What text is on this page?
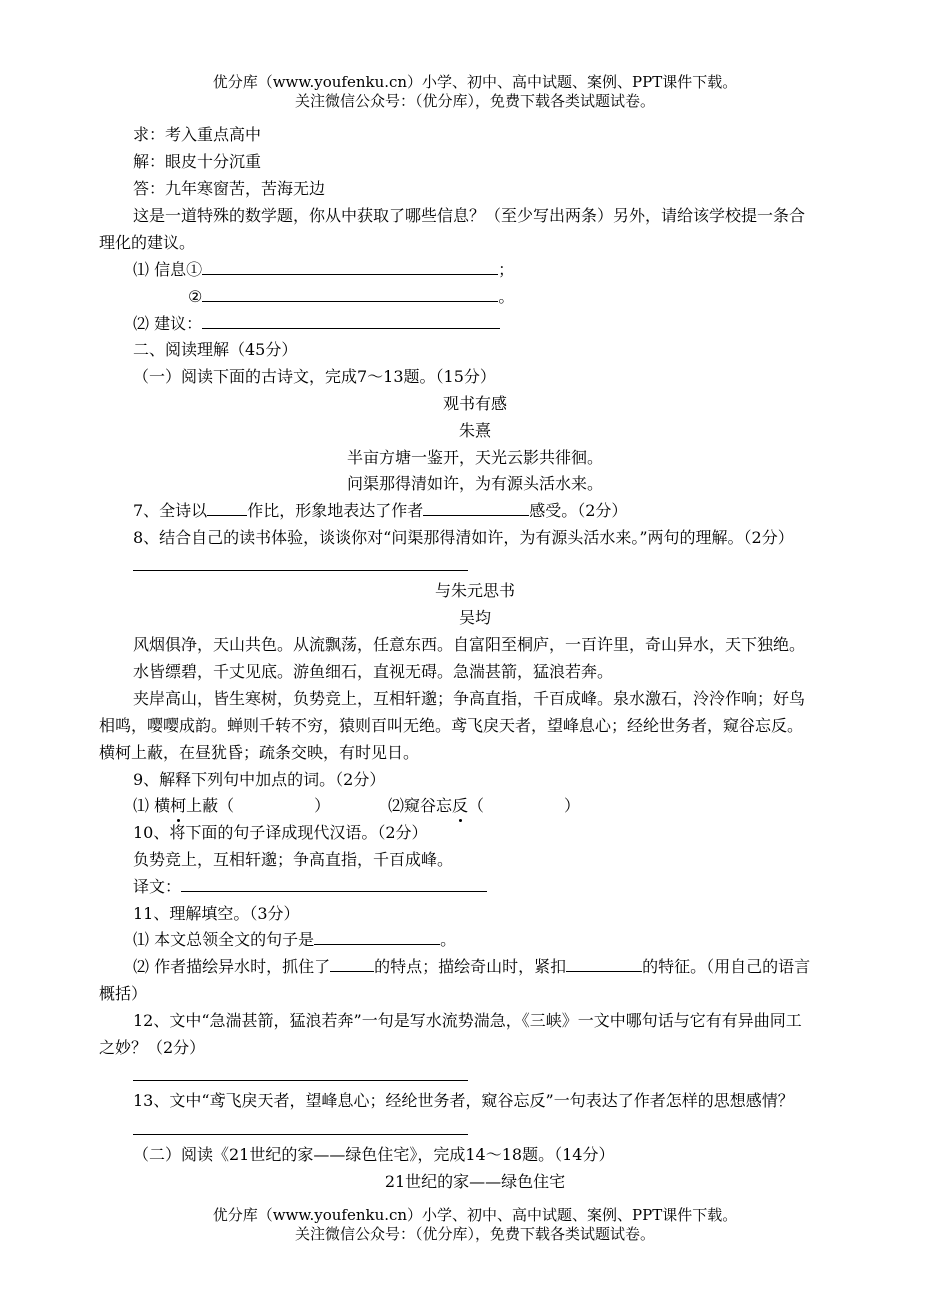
优分库（www.youfenku.cn）小学、初中、高中试题、案例、PPT课件下载。
关注微信公众号：（优分库），免费下载各类试题试卷。
求：考入重点高中
解：眼皮十分沉重
答：九年寒窗苦，苦海无边
这是一道特殊的数学题，你从中获取了哪些信息？（至少写出两条）另外，请给该学校提一条合
理化的建议。
⑴ 信息①	；
②	。
⑵ 建议：
二、阅读理解（45分）
（一）阅读下面的古诗文，完成7～13题。（15分）
观书有感
朱熹
半亩方塘一鉴开，天光云影共徘徊。
问渠那得清如许，为有源头活水来。
7、全诗以	作比，形象地表达了作者	感受。（2分）
8、结合自己的读书体验，谈谈你对“问渠那得清如许，为有源头活水来。”两句的理解。（2分）
与朱元思书
吴均
风烟俱净，天山共色。从流飘荡，任意东西。自富阳至桐庐，一百许里，奇山异水，天下独绝。
水皆缥碧，千丈见底。游鱼细石，直视无碍。急湍甚箭，猛浪若奔。
夹岸高山，皆生寒树，负势竞上，互相轩邈；争高直指，千百成峰。泉水激石，泠泠作响；好鸟
相鸣，嘤嘤成韵。蝉则千转不穷，猿则百叫无绝。鸢飞戾天者，望峰息心；经纶世务者，窥谷忘反。
横柯上蔽，在昼犹昏；疏条交映，有时见日。
9、解释下列句中加点的词。（2分）
⑴ 横柯上蔽（	）	⑵窥谷忘反（	）
10、将下面的句子译成现代汉语。（2分）
负势竞上，互相轩邈；争高直指，千百成峰。
译文：
11、理解填空。（3分）
⑴ 本文总领全文的句子是	。
⑵ 作者描绘异水时，抓住了	的特点；描绘奇山时，紧扣	的特征。（用自己的语言
概括）
12、文中“急湍甚箭，猛浪若奔”一句是写水流势湍急，《三峡》一文中哪句话与它有有异曲同工
之妙？（2分）
13、文中“鸢飞戾天者，望峰息心；经纶世务者，窥谷忘反”一句表达了作者怎样的思想感情？
（二）阅读《21世纪的家——绿色住宅》，完成14～18题。（14分）
21世纪的家——绿色住宅
优分库（www.youfenku.cn）小学、初中、高中试题、案例、PPT课件下载。
关注微信公众号：（优分库），免费下载各类试题试卷。
